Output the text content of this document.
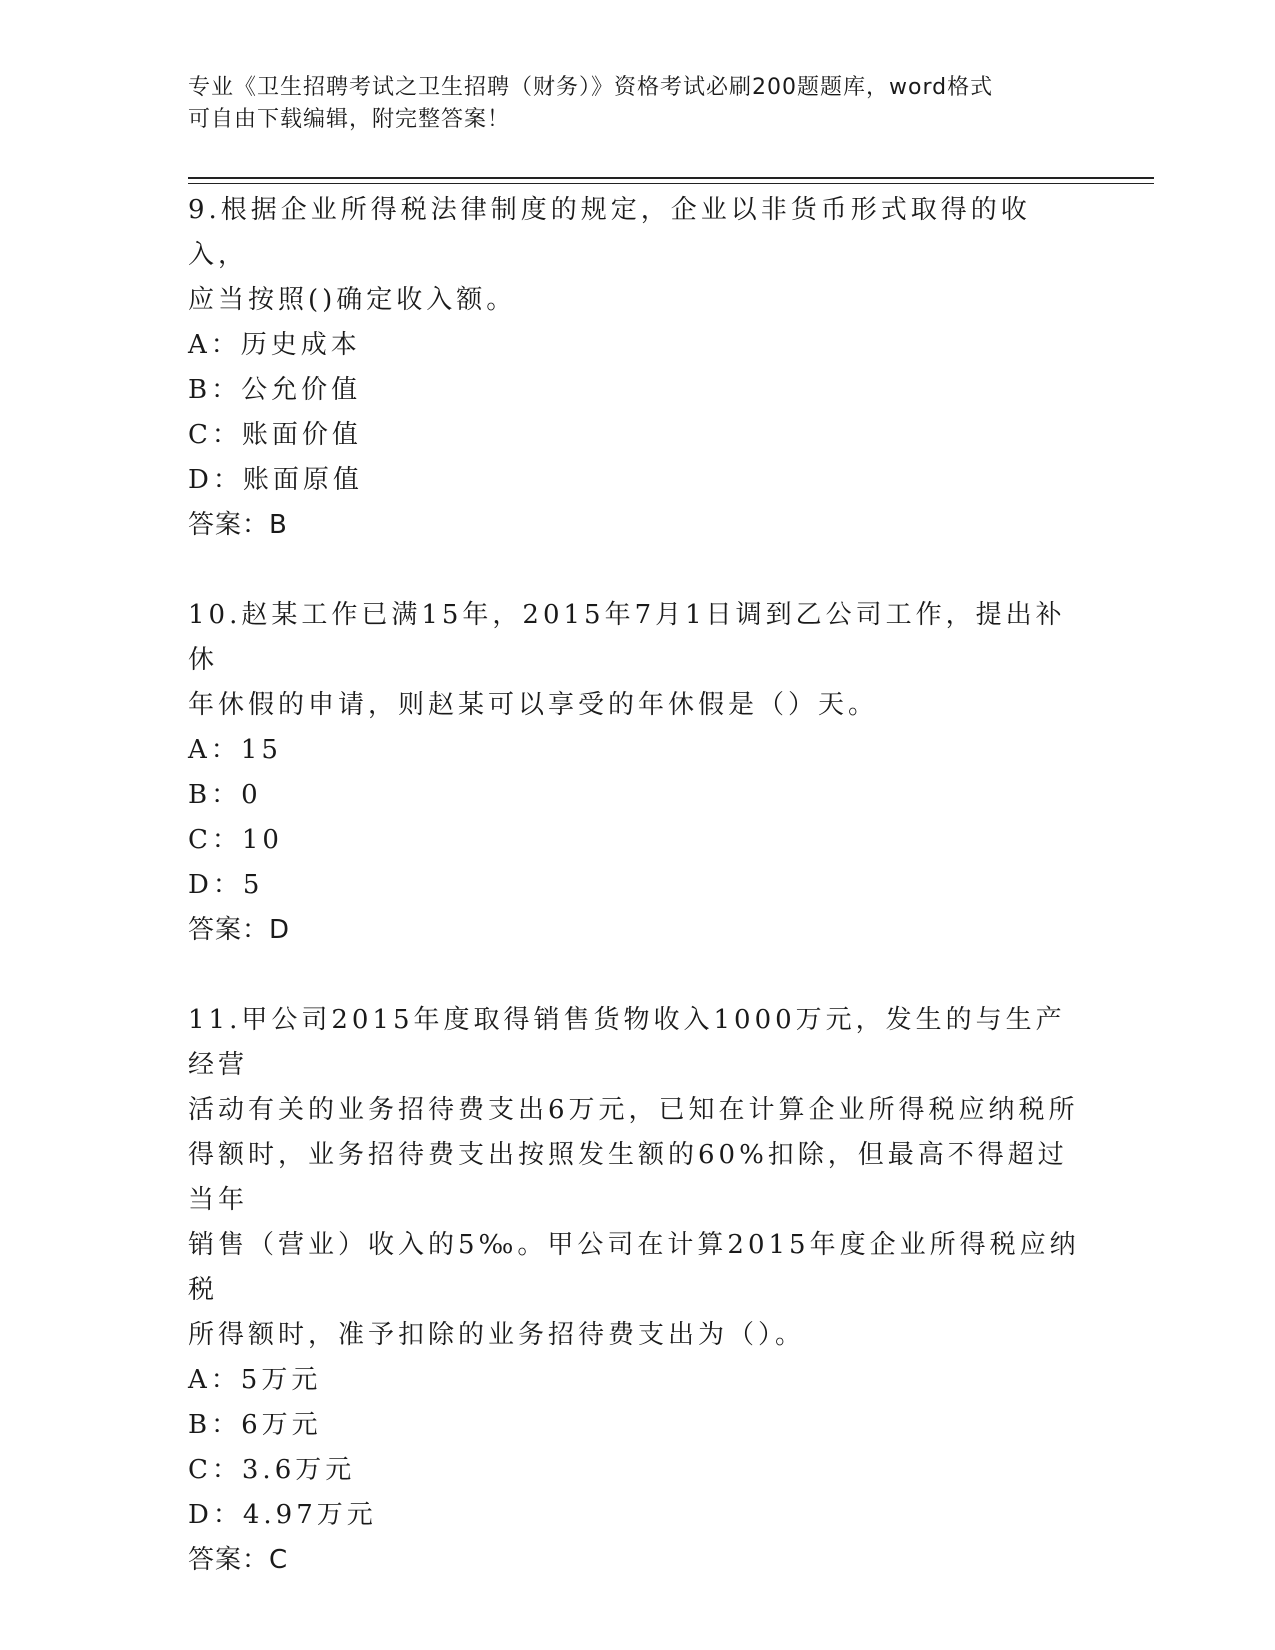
专业《卫生招聘考试之卫生招聘（财务）》资格考试必刷200题题库，word格式
可自由下载编辑，附完整答案！

9.根据企业所得税法律制度的规定，企业以非货币形式取得的收入，

应当按照()确定收入额。

A：历史成本

B：公允价值

C：账面价值

D：账面原值

答案：B

10.赵某工作已满15年，2015年7月1日调到乙公司工作，提出补休

年休假的申请，则赵某可以享受的年休假是（）天。

A：15

B：0

C：10

D：5

答案：D

11.甲公司2015年度取得销售货物收入1000万元，发生的与生产经营

活动有关的业务招待费支出6万元，已知在计算企业所得税应纳税所

得额时，业务招待费支出按照发生额的60%扣除，但最高不得超过当年

销售（营业）收入的5‰。甲公司在计算2015年度企业所得税应纳税

所得额时，准予扣除的业务招待费支出为（）。

A：5万元

B：6万元

C：3.6万元

D：4.97万元

答案：C
